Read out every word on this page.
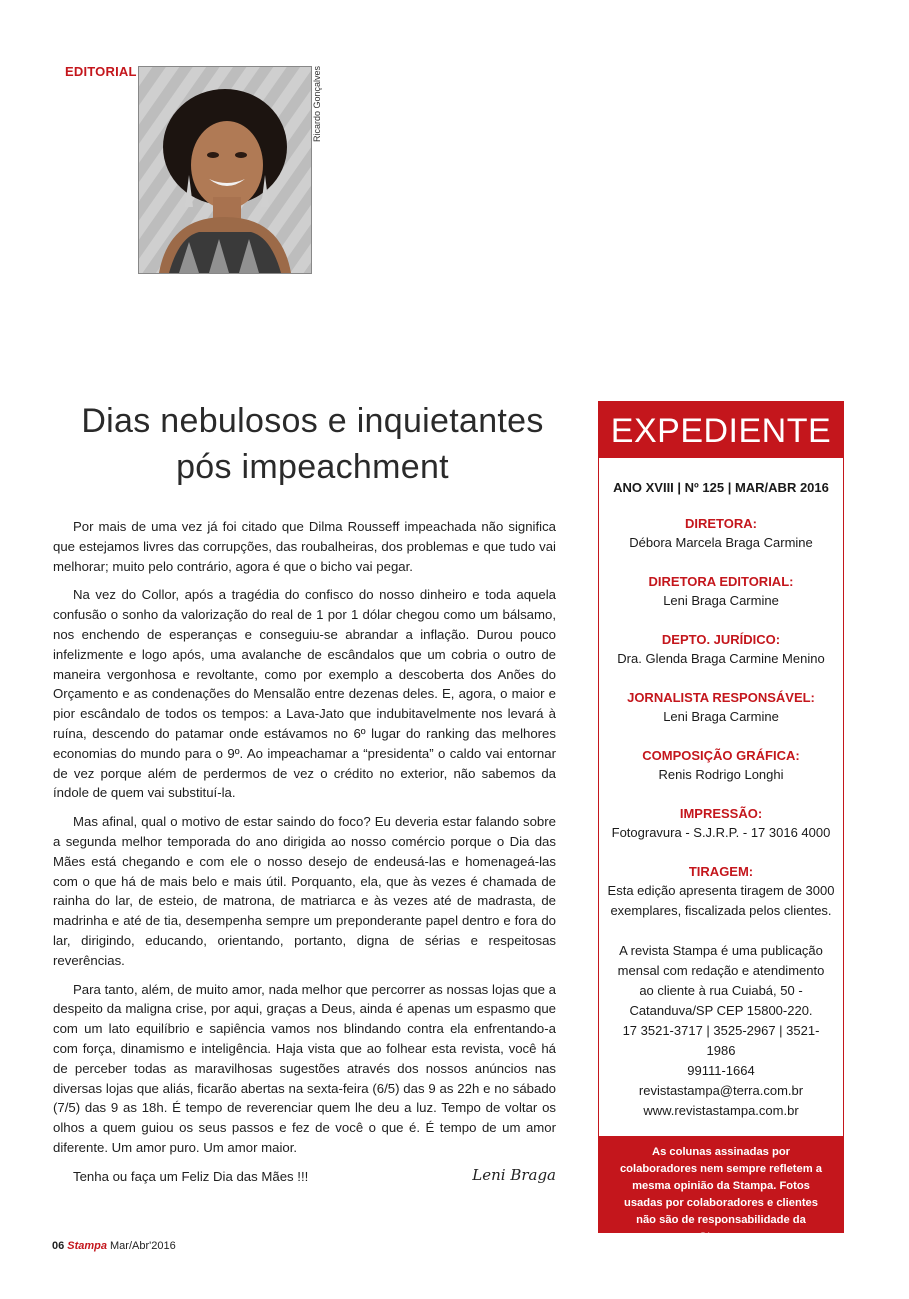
EDITORIAL	Ricardo Gonçalves
Dias nebulosos e inquietantes
pós impeachment

Por mais de uma vez já foi citado que Dilma Rousseff impeachada não significa que estejamos livres das corrupções, das roubalheiras, dos problemas e que tudo vai melhorar; muito pelo contrário, agora é que o bicho vai pegar.

Na vez do Collor, após a tragédia do confisco do nosso dinheiro e toda aquela confusão o sonho da valorização do real de 1 por 1 dólar chegou como um bálsamo, nos enchendo de esperanças e conseguiu-se abrandar a inflação. Durou pouco infelizmente e logo após, uma avalanche de escândalos que um cobria o outro de maneira vergonhosa e revoltante, como por exemplo a descoberta dos Anões do Orçamento e as condenações do Mensalão entre dezenas deles. E, agora, o maior e pior escândalo de todos os tempos: a Lava-Jato que indubitavelmente nos levará à ruína, descendo do patamar onde estávamos no 6º lugar do ranking das melhores economias do mundo para o 9º. Ao impeachamar a “presidenta” o caldo vai entornar de vez porque além de perdermos de vez o crédito no exterior, não sabemos da índole de quem vai substituí-la.

Mas afinal, qual o motivo de estar saindo do foco? Eu deveria estar falando sobre a segunda melhor temporada do ano dirigida ao nosso comércio porque o Dia das Mães está chegando e com ele o nosso desejo de endeusá-las e homenageá-las com o que há de mais belo e mais útil. Porquanto, ela, que às vezes é chamada de rainha do lar, de esteio, de matrona, de matriarca e às vezes até de madrasta, de madrinha e até de tia, desempenha sempre um preponderante papel dentro e fora do lar, dirigindo, educando, orientando, portanto, digna de sérias e respeitosas reverências.

Para tanto, além, de muito amor, nada melhor que percorrer as nossas lojas que a despeito da maligna crise, por aqui, graças a Deus, ainda é apenas um espasmo que com um lato equilíbrio e sapiência vamos nos blindando contra ela enfrentando-a com força, dinamismo e inteligência. Haja vista que ao folhear esta revista, você há de perceber todas as maravilhosas sugestões através dos nossos anúncios nas diversas lojas que aliás, ficarão abertas na sexta-feira (6/5) das 9 as 22h e no sábado (7/5) das 9 as 18h. É tempo de reverenciar quem lhe deu a luz. Tempo de voltar os olhos a quem guiou os seus passos e fez de você o que é. É tempo de um amor diferente. Um amor puro. Um amor maior.

Tenha ou faça um Feliz Dia das Mães !!!	Leni Braga
06 Stampa Mar/Abr'2016
EXPEDIENTE
ANO XVIII | Nº 125 | MAR/ABR 2016
DIRETORA:
Débora Marcela Braga Carmine
DIRETORA EDITORIAL:
Leni Braga Carmine
DEPTO. JURÍDICO:
Dra. Glenda Braga Carmine Menino
JORNALISTA RESPONSÁVEL:
Leni Braga Carmine
COMPOSIÇÃO GRÁFICA:
Renis Rodrigo Longhi
IMPRESSÃO:
Fotogravura - S.J.R.P. - 17 3016 4000
TIRAGEM:
Esta edição apresenta tiragem de 3000 exemplares, fiscalizada pelos clientes.
A revista Stampa é uma publicação mensal com redação e atendimento ao cliente à rua Cuiabá, 50 - Catanduva/SP CEP 15800-220.
17 3521-3717 | 3525-2967 | 3521-1986
99111-1664
revistastampa@terra.com.br
www.revistastampa.com.br
As colunas assinadas por colaboradores nem sempre refletem a mesma opinião da Stampa. Fotos usadas por colaboradores e clientes não são de responsabilidade da Stampa.
